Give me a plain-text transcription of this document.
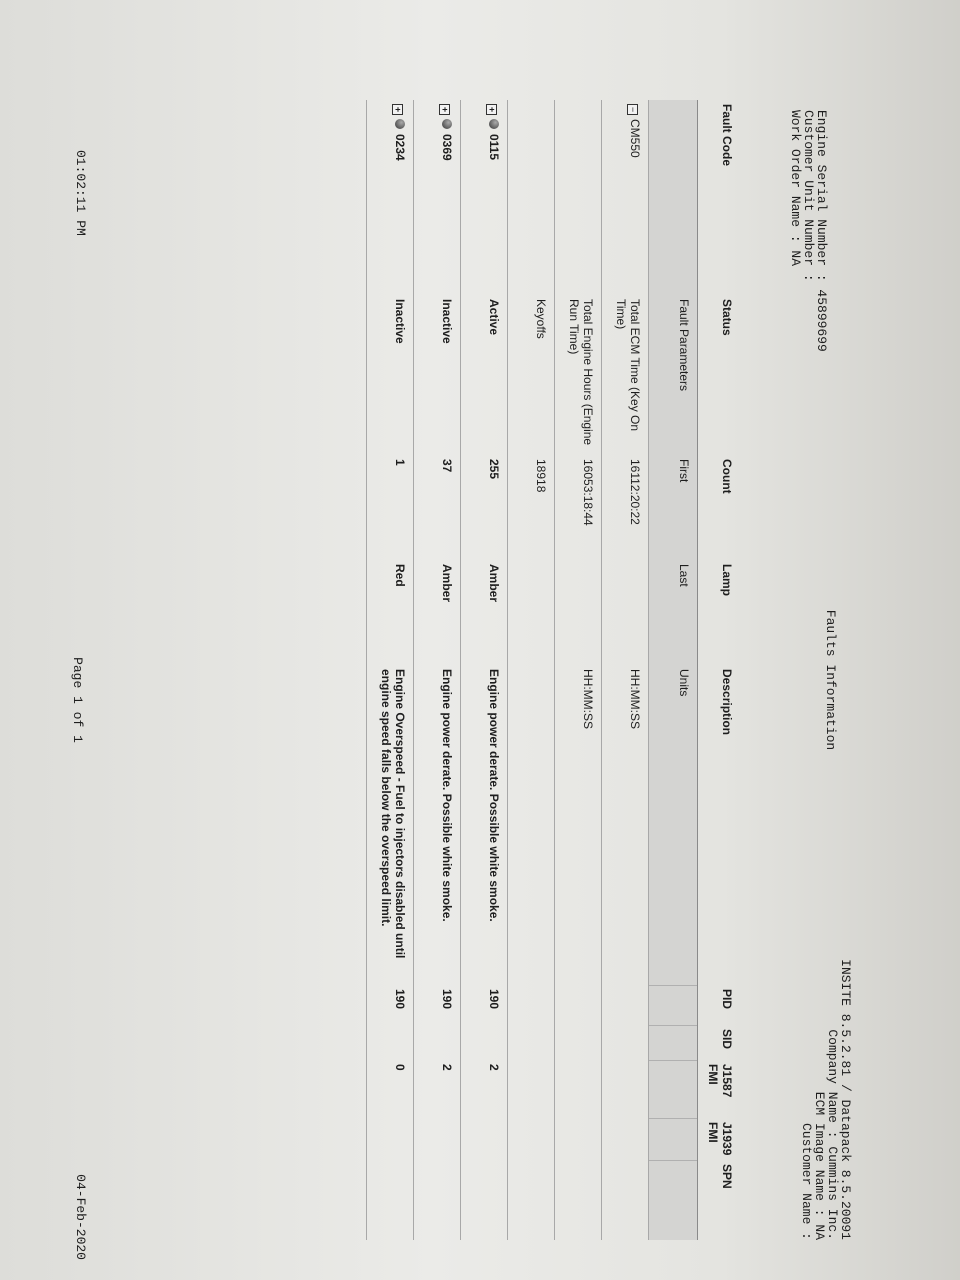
Engine Serial Number : 45899699
Customer Unit Number :
Work Order Name : NA
Faults Information
INSITE 8.5.2.81 / Datapack 8.5.20091
Company Name : Cummins Inc.
ECM Image Name : NA
Customer Name :
Fault Code	Status	Count	Lamp	Description	PID	SID	J1587 FMI	J1939 FMI	SPN
	Fault Parameters	First	Last	Units					
−CM550	Total ECM Time (Key On Time)	16112:20:22		HH:MM:SS					
	Total Engine Hours (Engine Run Time)	16053:18:44		HH:MM:SS					
	Keyoffs	18918							
+0115	Active	255	Amber	Engine power derate. Possible white smoke.	190		2		
+0369	Inactive	37	Amber	Engine power derate. Possible white smoke.	190		2		
+0234	Inactive	1	Red	Engine Overspeed - Fuel to injectors disabled until engine speed falls below the overspeed limit.	190		0		
01:02:11 PM
Page 1 of 1
04-Feb-2020
